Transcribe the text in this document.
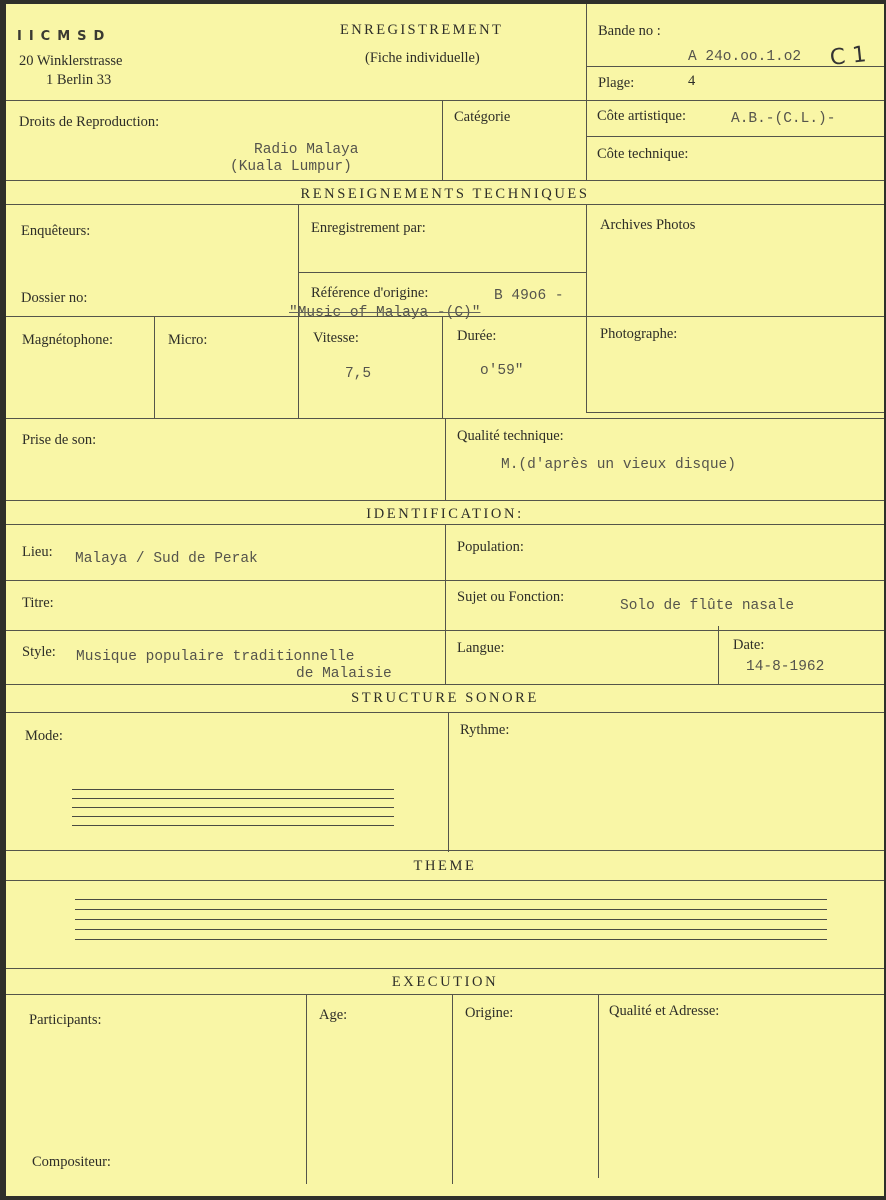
IICMSD
20 Winklerstrasse
1 Berlin 33
ENREGISTREMENT
(Fiche individuelle)
Bande no :
A 24o.oo.1.o2 C 1
Plage:	4
Droits de Reproduction:
Radio Malaya
(Kuala Lumpur)
Catégorie	Côte artistique:	A.B.-(C.L.)-
Côte technique:
RENSEIGNEMENTS TECHNIQUES
Enquêteurs:	Enregistrement par:	Archives Photos
Dossier no:	Référence d'origine:	B 49o6 -
"Music of Malaya -(C)"
Magnétophone:	Micro:	Vitesse:
7,5
Durée:
o'59"
Photographe:
Prise de son:	Qualité technique:
M.(d'après un vieux disque)
IDENTIFICATION:
Lieu: Malaya / Sud de Perak
Population:
Titre:	Sujet ou Fonction:
Solo de flûte nasale
Style: Musique populaire traditionnelle
de Malaisie
Langue:	Date:
14-8-1962
STRUCTURE SONORE
Mode:	Rythme:
THEME
EXECUTION
Participants:	Age:	Origine:	Qualité et Adresse:
Compositeur:
